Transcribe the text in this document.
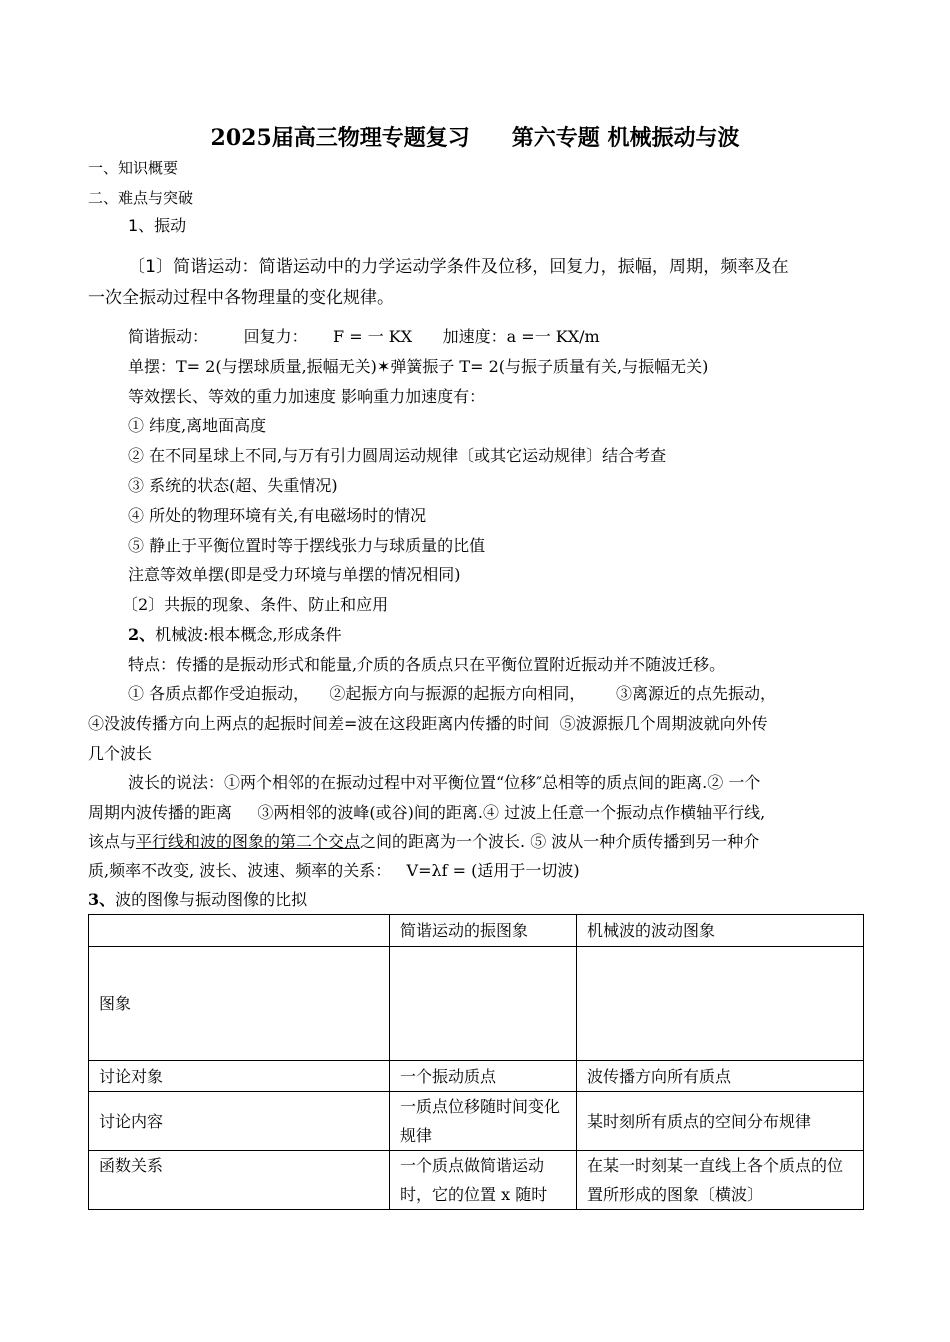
2025届高三物理专题复习 第六专题 机械振动与波
一、知识概要
二、难点与突破
1、振动
〔1〕简谐运动：简谐运动中的力学运动学条件及位移，回复力，振幅，周期，频率及在
一次全振动过程中各物理量的变化规律。
简谐振动：       回复力：     F = 一 KX      加速度：a =一 KX/m
单摆：T= 2(与摆球质量,振幅无关)✶弹簧振子 T= 2(与振子质量有关,与振幅无关)
等效摆长、等效的重力加速度 影响重力加速度有：
① 纬度,离地面高度
② 在不同星球上不同,与万有引力圆周运动规律〔或其它运动规律〕结合考查
③ 系统的状态(超、失重情况)
④ 所处的物理环境有关,有电磁场时的情况
⑤ 静止于平衡位置时等于摆线张力与球质量的比值
注意等效单摆(即是受力环境与单摆的情况相同)
〔2〕共振的现象、条件、防止和应用
2、机械波:根本概念,形成条件
特点：传播的是振动形式和能量,介质的各质点只在平衡位置附近振动并不随波迁移。
① 各质点都作受迫振动，    ②起振方向与振源的起振方向相同，      ③离源近的点先振动，
④没波传播方向上两点的起振时间差=波在这段距离内传播的时间  ⑤波源振几个周期波就向外传
几个波长
波长的说法：①两个相邻的在振动过程中对平衡位置“位移″总相等的质点间的距离.② 一个
周期内波传播的距离     ③两相邻的波峰(或谷)间的距离.④ 过波上任意一个振动点作横轴平行线,
该点与平行线和波的图象的第二个交点之间的距离为一个波长. ⑤ 波从一种介质传播到另一种介
质,频率不改变, 波长、波速、频率的关系：   V=λf = (适用于一切波)
3、波的图像与振动图像的比拟
	简谐运动的振图象	机械波的波动图象
图象		
讨论对象	一个振动质点	波传播方向所有质点
讨论内容	一质点位移随时间变化规律	某时刻所有质点的空间分布规律
函数关系	一个质点做简谐运动时，它的位置 x 随时	在某一时刻某一直线上各个质点的位置所形成的图象〔横波〕
